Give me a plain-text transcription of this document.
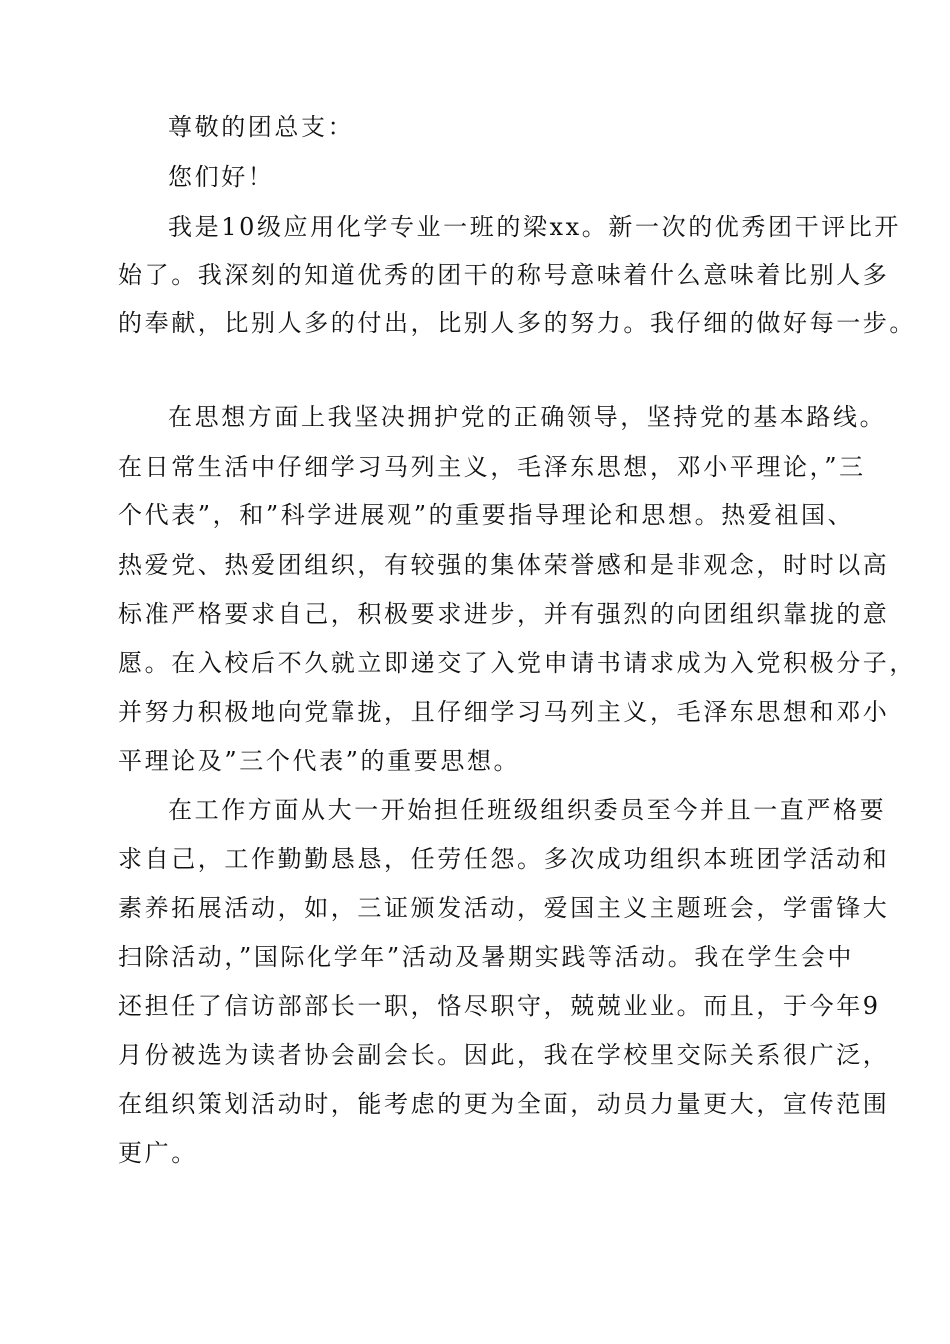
尊敬的团总支：
您们好！
我是10级应用化学专业一班的梁xx。新一次的优秀团干评比开
始了。我深刻的知道优秀的团干的称号意味着什么意味着比别人多
的奉献，比别人多的付出，比别人多的努力。我仔细的做好每一步。
在思想方面上我坚决拥护党的正确领导，坚持党的基本路线。
在日常生活中仔细学习马列主义，毛泽东思想，邓小平理论，”三
个代表”，和”科学进展观”的重要指导理论和思想。热爱祖国、
热爱党、热爱团组织，有较强的集体荣誉感和是非观念，时时以高
标准严格要求自己，积极要求进步，并有强烈的向团组织靠拢的意
愿。在入校后不久就立即递交了入党申请书请求成为入党积极分子，
并努力积极地向党靠拢，且仔细学习马列主义，毛泽东思想和邓小
平理论及”三个代表”的重要思想。
在工作方面从大一开始担任班级组织委员至今并且一直严格要
求自己，工作勤勤恳恳，任劳任怨。多次成功组织本班团学活动和
素养拓展活动，如，三证颁发活动，爱国主义主题班会，学雷锋大
扫除活动，”国际化学年”活动及暑期实践等活动。我在学生会中
还担任了信访部部长一职，恪尽职守，兢兢业业。而且，于今年9
月份被选为读者协会副会长。因此，我在学校里交际关系很广泛，
在组织策划活动时，能考虑的更为全面，动员力量更大，宣传范围
更广。
